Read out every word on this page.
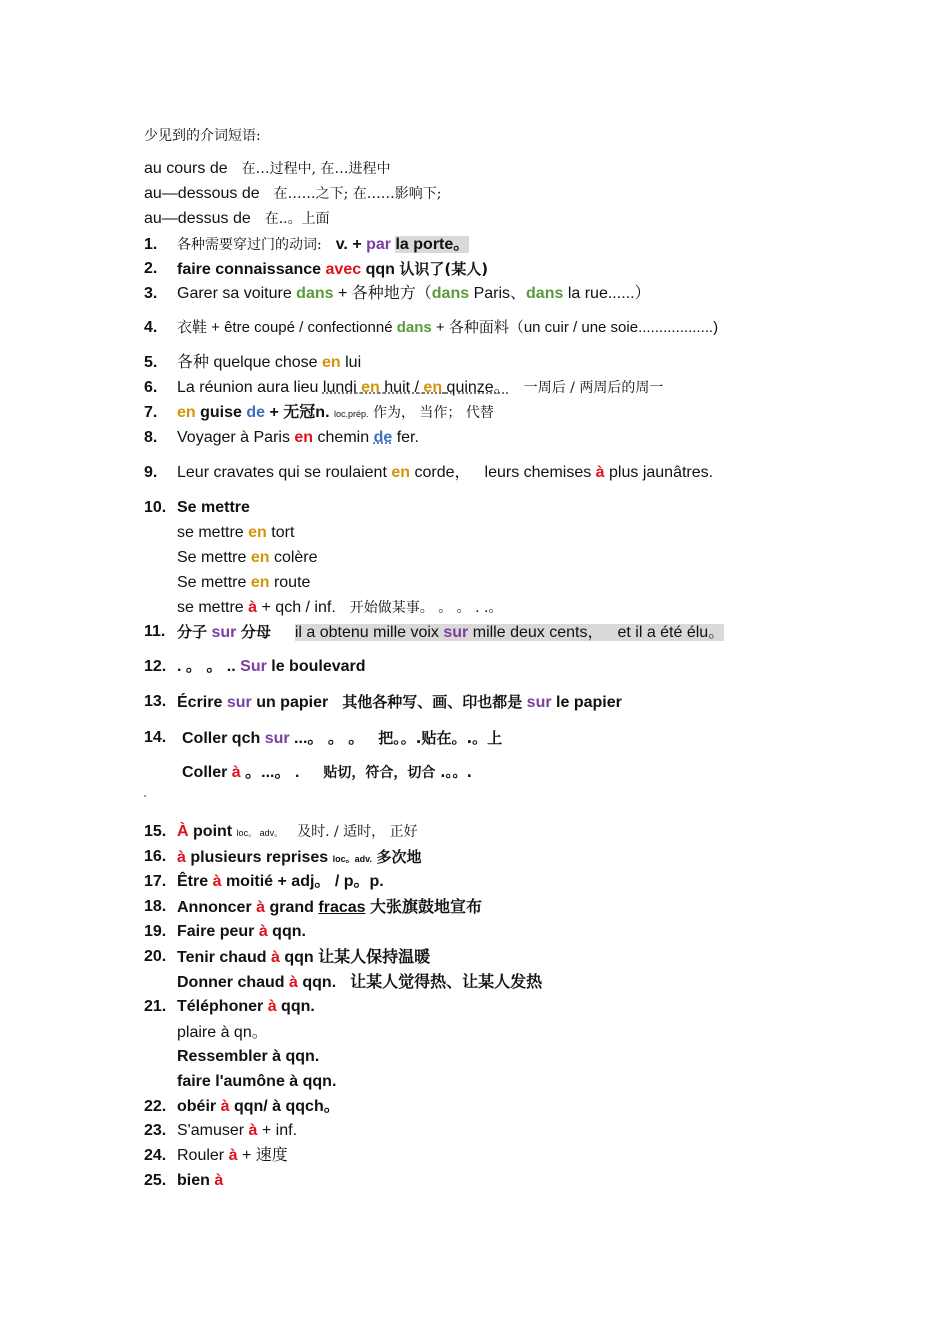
少见到的介词短语:
au cours de 在…过程中, 在…进程中
au—dessous de 在……之下; 在……影响下;
au—dessus de 在..。上面
1. 各种需要穿过门的动词: v. + par la porte。
2. faire connaissance avec qqn 认识了(某人)
3. Garer sa voiture dans + 各种地方（dans Paris、dans la rue......）
4. 衣鞋 + être coupé / confectionné dans + 各种面料（un cuir / une soie..................)
5. 各种 quelque chose en lui
6. La réunion aura lieu lundi en huit / en quinze。 一周后 / 两周后的周一
7. en guise de + 无冠n. loc.prép. 作为， 当作； 代替
8. Voyager à Paris en chemin de fer.
9. Leur cravates qui se roulaient en corde， leurs chemises à plus jaunâtres.
10. Se mettre
se mettre en tort
Se mettre en colère
Se mettre en route
se mettre à + qch / inf. 开始做某事。 。 。 . .。
11. 分子 sur 分母 il a obtenu mille voix sur mille deux cents， et il a été élu。
12. . 。 。 .. Sur le boulevard
13. Écrire sur un papier 其他各种写、画、印也都是 sur le papier
14. Coller qch sur ...。 。 。 把。。.贴在。.。上
Coller à 。...。 . 贴切，符合，切合 .。。.
15. À point loc。 adv。 及时. / 适时， 正好
16. à plusieurs reprises loc。adv. 多次地
17. Être à moitié + adj。 / p。p.
18. Annoncer à grand fracas 大张旗鼓地宣布
19. Faire peur à qqn.
20. Tenir chaud à qqn 让某人保持温暖
Donner chaud à qqn. 让某人觉得热、让某人发热
21. Téléphoner à qqn.
plaire à qn。
Ressembler à qqn.
faire l'aumône à qqn.
22. obéir à qqn/ à qqch。
23. S'amuser à + inf.
24. Rouler à + 速度
25. bien à
